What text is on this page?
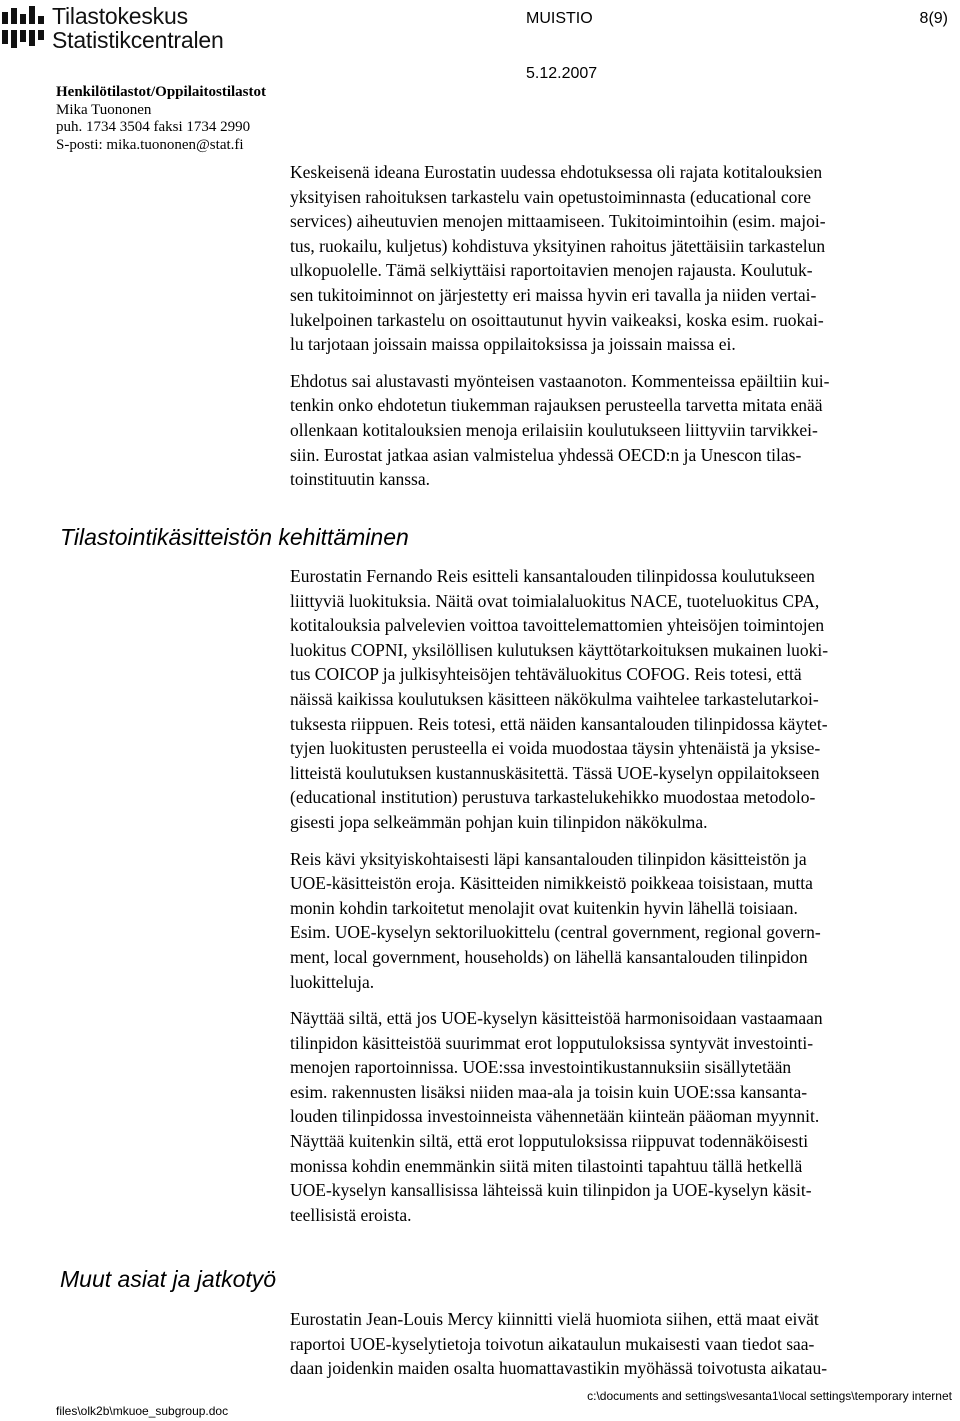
Tilastokeskus
Statistikcentralen
MUISTIO	8(9)
5.12.2007
Henkilötilastot/Oppilaitostilastot
Mika Tuononen
puh. 1734 3504 faksi 1734 2990
S-posti: mika.tuononen@stat.fi

Keskeisenä ideana Eurostatin uudessa ehdotuksessa oli rajata kotitalouksien
yksityisen rahoituksen tarkastelu vain opetustoiminnasta (educational core
services) aiheutuvien menojen mittaamiseen. Tukitoimintoihin (esim. majoi-
tus, ruokailu, kuljetus) kohdistuva yksityinen rahoitus jätettäisiin tarkastelun
ulkopuolelle. Tämä selkiyttäisi raportoitavien menojen rajausta. Koulutuk-
sen tukitoiminnot on järjestetty eri maissa hyvin eri tavalla ja niiden vertai-
lukelpoinen tarkastelu on osoittautunut hyvin vaikeaksi, koska esim. ruokai-
lu tarjotaan joissain maissa oppilaitoksissa ja joissain maissa ei.

Ehdotus sai alustavasti myönteisen vastaanoton. Kommenteissa epäiltiin kui-
tenkin onko ehdotetun tiukemman rajauksen perusteella tarvetta mitata enää
ollenkaan kotitalouksien menoja erilaisiin koulutukseen liittyviin tarvikkei-
siin. Eurostat jatkaa asian valmistelua yhdessä OECD:n ja Unescon tilas-
toinstituutin kanssa.

Tilastointikäsitteistön kehittäminen

Eurostatin Fernando Reis esitteli kansantalouden tilinpidossa koulutukseen
liittyviä luokituksia. Näitä ovat toimialaluokitus NACE, tuoteluokitus CPA,
kotitalouksia palvelevien voittoa tavoittelemattomien yhteisöjen toimintojen
luokitus COPNI, yksilöllisen kulutuksen käyttötarkoituksen mukainen luoki-
tus COICOP ja julkisyhteisöjen tehtäväluokitus COFOG. Reis totesi, että
näissä kaikissa koulutuksen käsitteen näkökulma vaihtelee tarkastelutarkoi-
tuksesta riippuen. Reis totesi, että näiden kansantalouden tilinpidossa käytet-
tyjen luokitusten perusteella ei voida muodostaa täysin yhtenäistä ja yksise-
litteistä koulutuksen kustannuskäsitettä. Tässä UOE-kyselyn oppilaitokseen
(educational institution) perustuva tarkastelukehikko muodostaa metodolo-
gisesti jopa selkeämmän pohjan kuin tilinpidon näkökulma.

Reis kävi yksityiskohtaisesti läpi kansantalouden tilinpidon käsitteistön ja
UOE-käsitteistön eroja. Käsitteiden nimikkeistö poikkeaa toisistaan, mutta
monin kohdin tarkoitetut menolajit ovat kuitenkin hyvin lähellä toisiaan.
Esim. UOE-kyselyn sektoriluokittelu (central government, regional govern-
ment, local government, households) on lähellä kansantalouden tilinpidon
luokitteluja.

Näyttää siltä, että jos UOE-kyselyn käsitteistöä harmonisoidaan vastaamaan
tilinpidon käsitteistöä suurimmat erot lopputuloksissa syntyvät investointi-
menojen raportoinnissa. UOE:ssa investointikustannuksiin sisällytetään
esim. rakennusten lisäksi niiden maa-ala ja toisin kuin UOE:ssa kansanta-
louden tilinpidossa investoinneista vähennetään kiinteän pääoman myynnit.
Näyttää kuitenkin siltä, että erot lopputuloksissa riippuvat todennäköisesti
monissa kohdin enemmänkin siitä miten tilastointi tapahtuu tällä hetkellä
UOE-kyselyn kansallisissa lähteissä kuin tilinpidon ja UOE-kyselyn käsit-
teellisistä eroista.

Muut asiat ja jatkotyö

Eurostatin Jean-Louis Mercy kiinnitti vielä huomiota siihen, että maat eivät
raportoi UOE-kyselytietoja toivotun aikataulun mukaisesti vaan tiedot saa-
daan joidenkin maiden osalta huomattavastikin myöhässä toivotusta aikatau-

files\olk2b\mkuoe_subgroup.doc
c:\documents and settings\vesanta1\local settings\temporary internet
